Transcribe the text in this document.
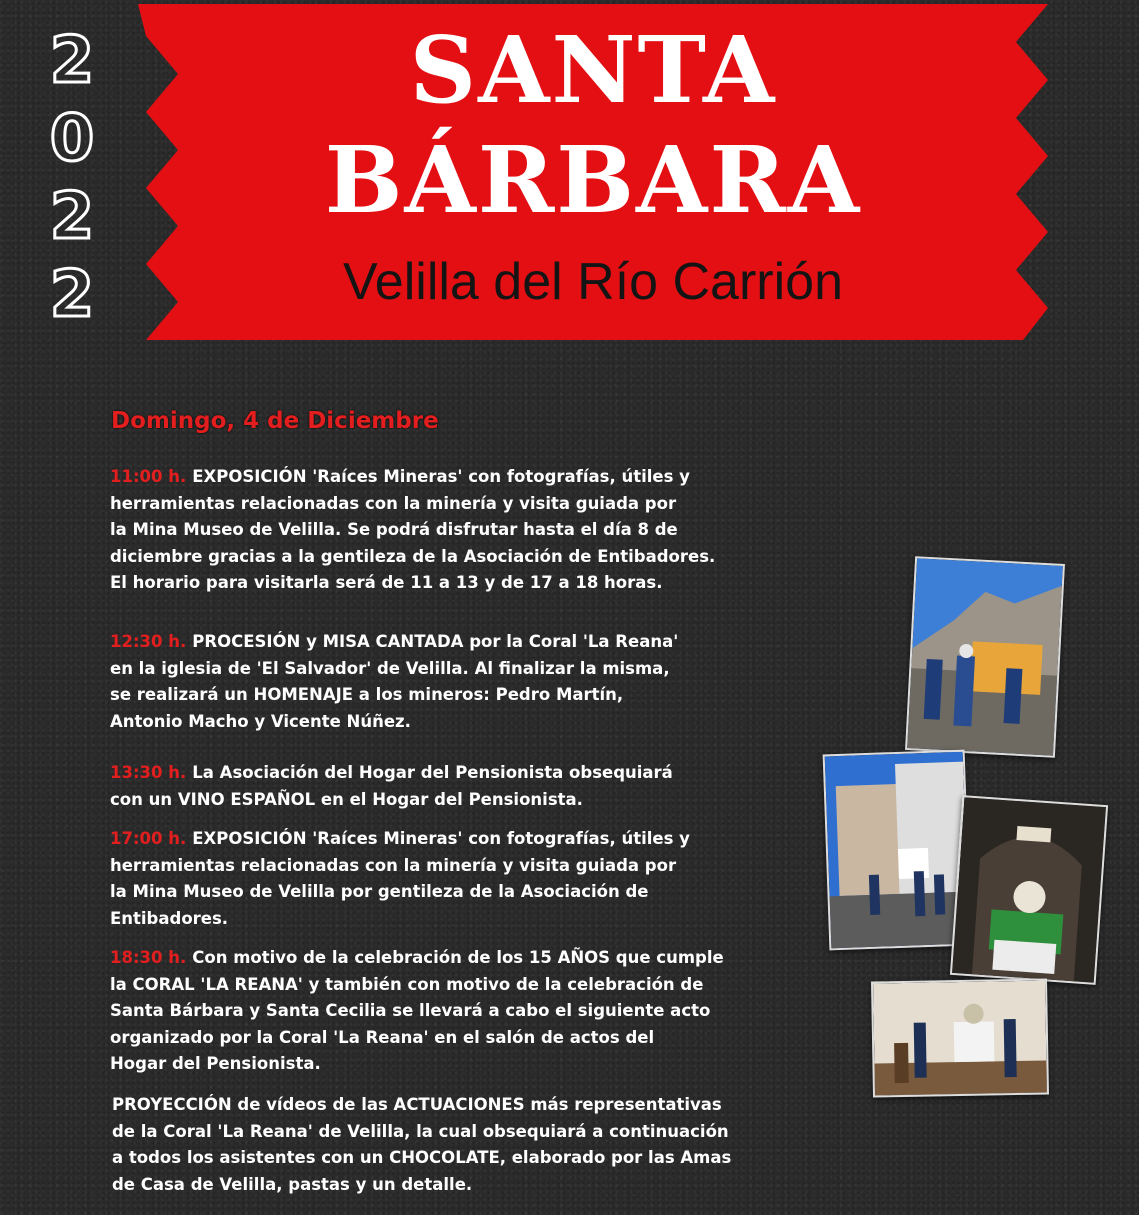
2
0
2
2
SANTA
BÁRBARA
Velilla del Río Carrión
Domingo, 4 de Diciembre
11:00 h. EXPOSICIÓN 'Raíces Mineras' con fotografías, útiles y
herramientas relacionadas con la minería y visita guiada por
la Mina Museo de Velilla. Se podrá disfrutar hasta el día 8 de
diciembre gracias a la gentileza de la Asociación de Entibadores.
El horario para visitarla será de 11 a 13 y de 17 a 18 horas.
12:30 h. PROCESIÓN y MISA CANTADA por la Coral 'La Reana'
en la iglesia de 'El Salvador' de Velilla. Al finalizar la misma,
se realizará un HOMENAJE a los mineros: Pedro Martín,
Antonio Macho y Vicente Núñez.
13:30 h. La Asociación del Hogar del Pensionista obsequiará
con un VINO ESPAÑOL en el Hogar del Pensionista.
17:00 h. EXPOSICIÓN 'Raíces Mineras' con fotografías, útiles y
herramientas relacionadas con la minería y visita guiada por
la Mina Museo de Velilla por gentileza de la Asociación de
Entibadores.
18:30 h. Con motivo de la celebración de los 15 AÑOS que cumple
la CORAL 'LA REANA' y también con motivo de la celebración de
Santa Bárbara y Santa Cecilia se llevará a cabo el siguiente acto
organizado por la Coral 'La Reana' en el salón de actos del
Hogar del Pensionista.
PROYECCIÓN de vídeos de las ACTUACIONES más representativas
de la Coral 'La Reana' de Velilla, la cual obsequiará a continuación
a todos los asistentes con un CHOCOLATE, elaborado por las Amas
de Casa de Velilla, pastas y un detalle.
